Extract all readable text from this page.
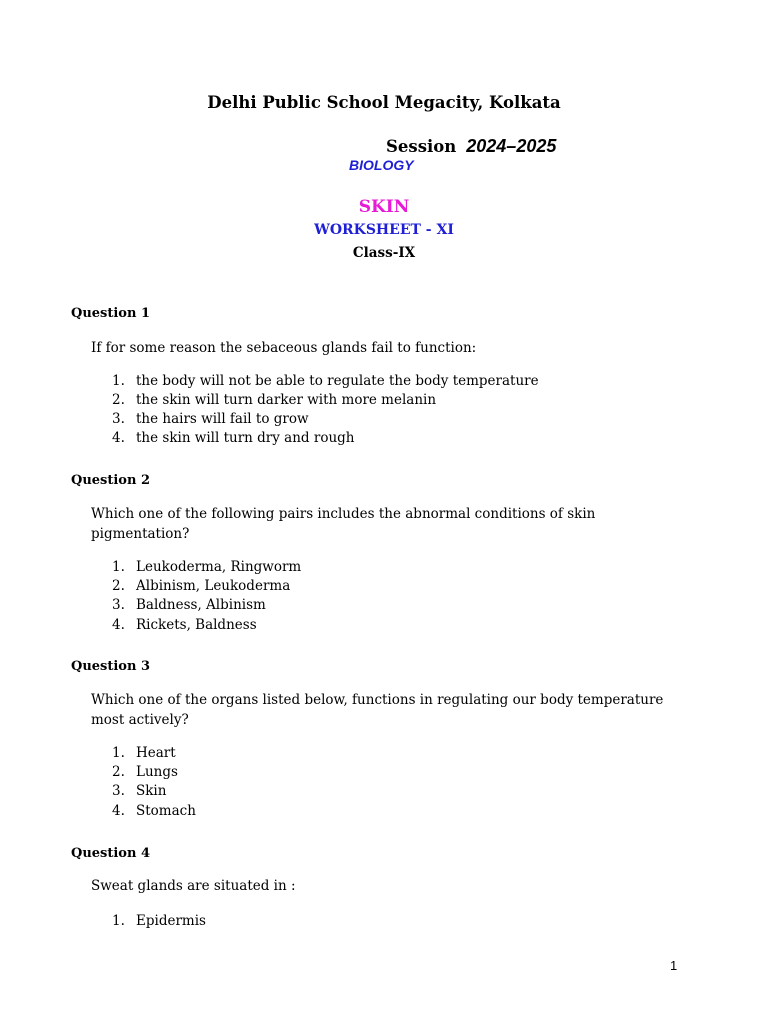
Delhi Public School Megacity, Kolkata
Session 2024–2025
BIOLOGY
SKIN
WORKSHEET - XI
Class-IX
Question 1
If for some reason the sebaceous glands fail to function:
1. the body will not be able to regulate the body temperature
2. the skin will turn darker with more melanin
3. the hairs will fail to grow
4. the skin will turn dry and rough
Question 2
Which one of the following pairs includes the abnormal conditions of skin pigmentation?
1. Leukoderma, Ringworm
2. Albinism, Leukoderma
3. Baldness, Albinism
4. Rickets, Baldness
Question 3
Which one of the organs listed below, functions in regulating our body temperature most actively?
1. Heart
2. Lungs
3. Skin
4. Stomach
Question 4
Sweat glands are situated in :
1. Epidermis
1
